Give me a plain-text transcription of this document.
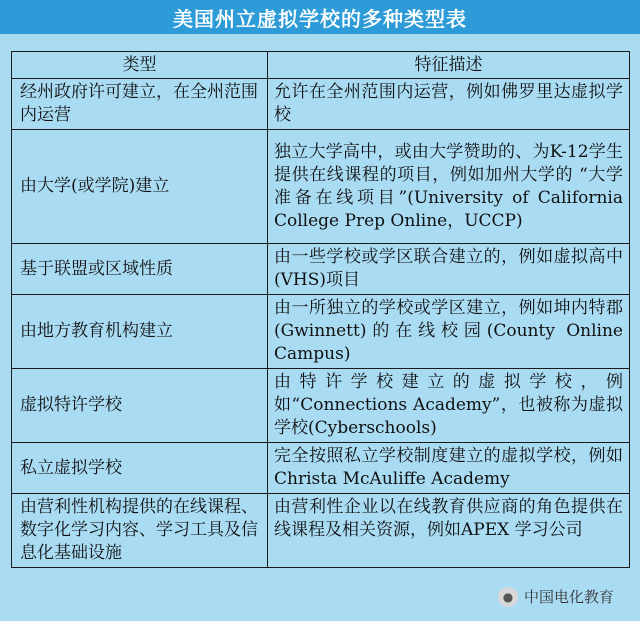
美国州立虚拟学校的多种类型表
类型	特征描述
经州政府许可建立，在全州范围内运营	允许在全州范围内运营，例如佛罗里达虚拟学校
由大学(或学院)建立	独立大学高中，或由大学赞助的、为K-12学生提供在线课程的项目，例如加州大学的 “大学准备在线项目”(University of California College Prep Online，UCCP)
基于联盟或区域性质	由一些学校或学区联合建立的，例如虚拟高中(VHS)项目
由地方教育机构建立	由一所独立的学校或学区建立，例如坤内特郡(Gwinnett)的在线校园(County Online Campus)
虚拟特许学校	由特许学校建立的虚拟学校，例如“Connections Academy”，也被称为虚拟学校(Cyberschools)
私立虚拟学校	完全按照私立学校制度建立的虚拟学校，例如Christa McAuliffe Academy
由营利性机构提供的在线课程、数字化学习内容、学习工具及信息化基础设施	由营利性企业以在线教育供应商的角色提供在线课程及相关资源，例如APEX 学习公司
● 中国电化教育
